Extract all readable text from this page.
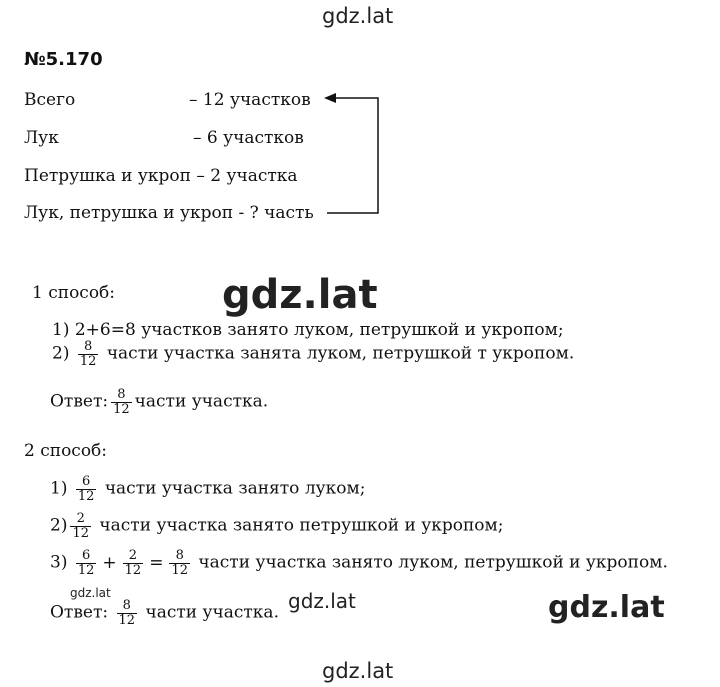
gdz.lat
№5.170
Всего	– 12 участков
Лук	– 6 участков
Петрушка и укроп – 2 участка
Лук, петрушка и укроп - ? часть
gdz.lat
1 способ:
1) 2+6=8 участков занято луком, петрушкой и укропом;
$2) \frac{8}{12}$ части участка занята луком, петрушкой т укропом.
Ответ: $\frac{8}{12}$ части участка.
2 способ:
$1) \frac{6}{12}$ части участка занято луком;
$2) \frac{2}{12}$ части участка занято петрушкой и укропом;
$3) \frac{6}{12} + \frac{2}{12} = \frac{8}{12}$ части участка занято луком, петрушкой и укропом.
gdz.lat
Ответ: $\frac{8}{12}$ части участка. gdz.lat	gdz.lat
gdz.lat
